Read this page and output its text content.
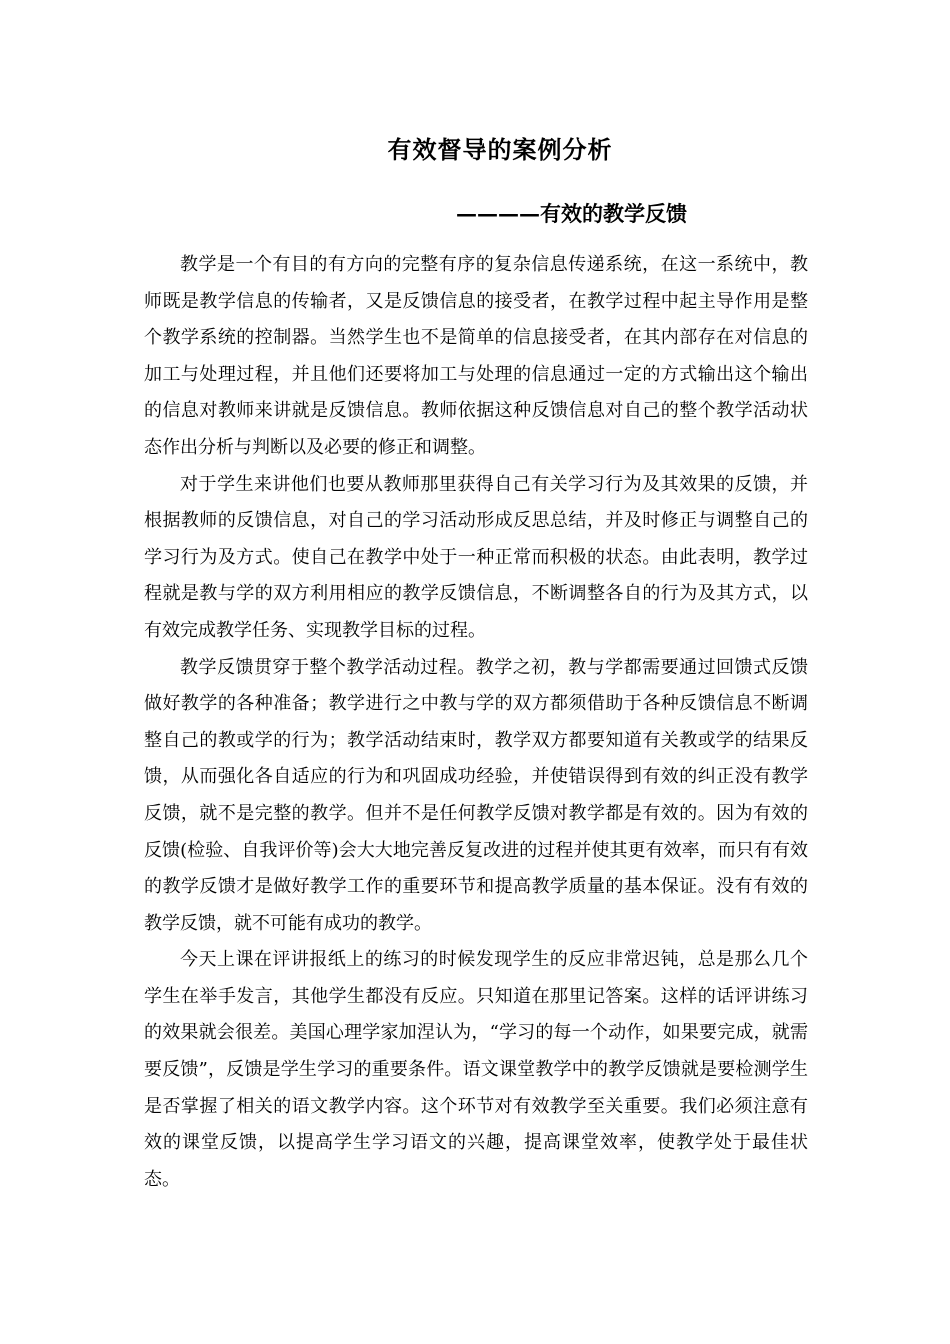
有效督导的案例分析
————有效的教学反馈

教学是一个有目的有方向的完整有序的复杂信息传递系统，在这一系统中，教师既是教学信息的传输者，又是反馈信息的接受者，在教学过程中起主导作用是整个教学系统的控制器。当然学生也不是简单的信息接受者，在其内部存在对信息的加工与处理过程，并且他们还要将加工与处理的信息通过一定的方式输出这个输出的信息对教师来讲就是反馈信息。教师依据这种反馈信息对自己的整个教学活动状态作出分析与判断以及必要的修正和调整。

对于学生来讲他们也要从教师那里获得自己有关学习行为及其效果的反馈，并根据教师的反馈信息，对自己的学习活动形成反思总结，并及时修正与调整自己的学习行为及方式。使自己在教学中处于一种正常而积极的状态。由此表明，教学过程就是教与学的双方利用相应的教学反馈信息，不断调整各自的行为及其方式，以有效完成教学任务、实现教学目标的过程。

教学反馈贯穿于整个教学活动过程。教学之初，教与学都需要通过回馈式反馈做好教学的各种准备；教学进行之中教与学的双方都须借助于各种反馈信息不断调整自己的教或学的行为；教学活动结束时，教学双方都要知道有关教或学的结果反馈，从而强化各自适应的行为和巩固成功经验，并使错误得到有效的纠正没有教学反馈，就不是完整的教学。但并不是任何教学反馈对教学都是有效的。因为有效的反馈(检验、自我评价等)会大大地完善反复改进的过程并使其更有效率，而只有有效的教学反馈才是做好教学工作的重要环节和提高教学质量的基本保证。没有有效的教学反馈，就不可能有成功的教学。

今天上课在评讲报纸上的练习的时候发现学生的反应非常迟钝，总是那么几个学生在举手发言，其他学生都没有反应。只知道在那里记答案。这样的话评讲练习的效果就会很差。美国心理学家加涅认为，“学习的每一个动作，如果要完成，就需要反馈”，反馈是学生学习的重要条件。语文课堂教学中的教学反馈就是要检测学生是否掌握了相关的语文教学内容。这个环节对有效教学至关重要。我们必须注意有效的课堂反馈，以提高学生学习语文的兴趣，提高课堂效率，使教学处于最佳状态。
